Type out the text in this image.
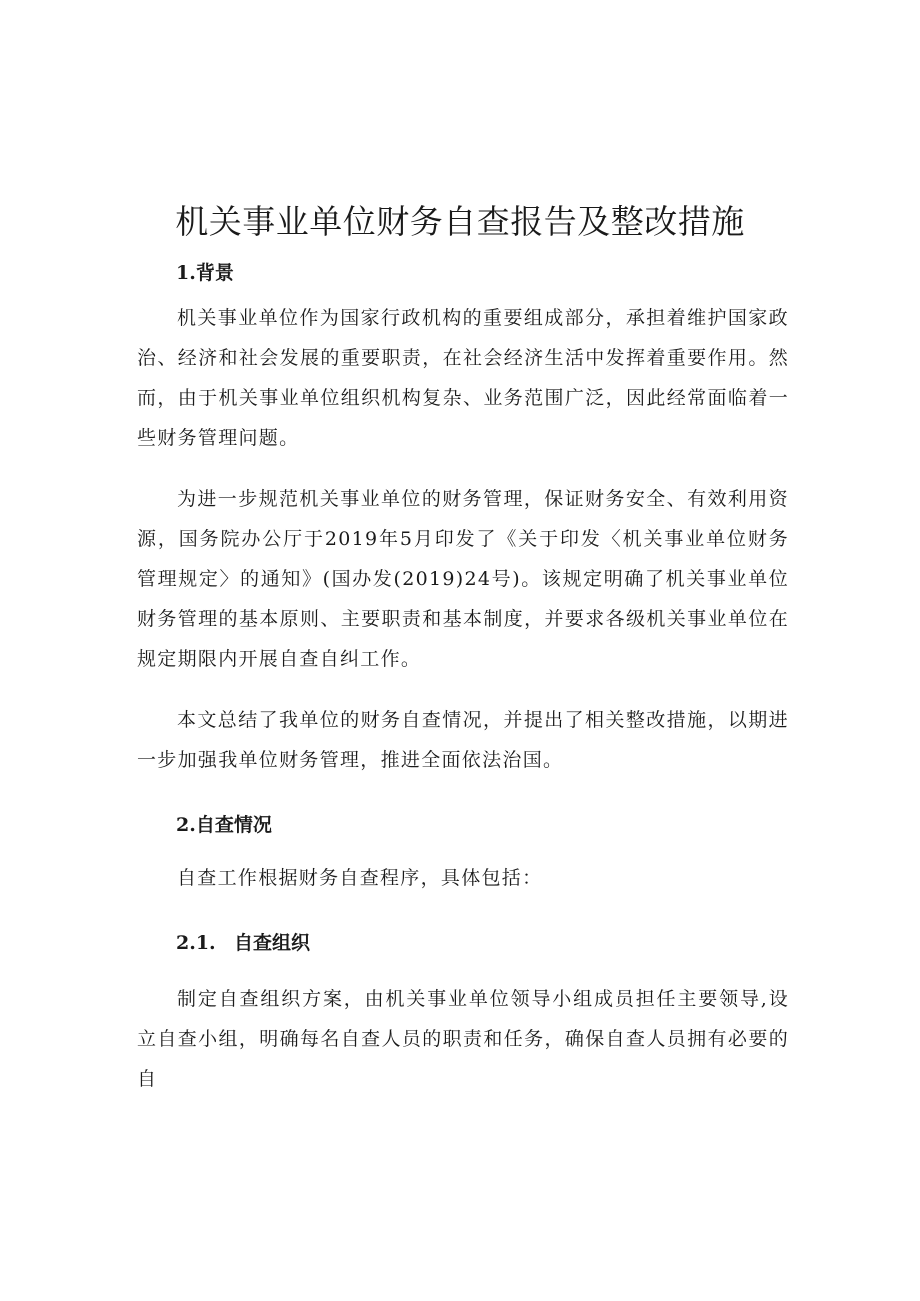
机关事业单位财务自查报告及整改措施
1.背景

机关事业单位作为国家行政机构的重要组成部分，承担着维护国家政治、经济和社会发展的重要职责，在社会经济生活中发挥着重要作用。然而，由于机关事业单位组织机构复杂、业务范围广泛，因此经常面临着一些财务管理问题。

为进一步规范机关事业单位的财务管理，保证财务安全、有效利用资源，国务院办公厅于2019年5月印发了《关于印发〈机关事业单位财务管理规定〉的通知》(国办发(2019)24号)。该规定明确了机关事业单位财务管理的基本原则、主要职责和基本制度，并要求各级机关事业单位在规定期限内开展自查自纠工作。

本文总结了我单位的财务自查情况，并提出了相关整改措施，以期进一步加强我单位财务管理，推进全面依法治国。

2.自查情况

自查工作根据财务自查程序，具体包括：

2.1. 自查组织

制定自查组织方案，由机关事业单位领导小组成员担任主要领导,设立自查小组，明确每名自查人员的职责和任务，确保自查人员拥有必要的自
